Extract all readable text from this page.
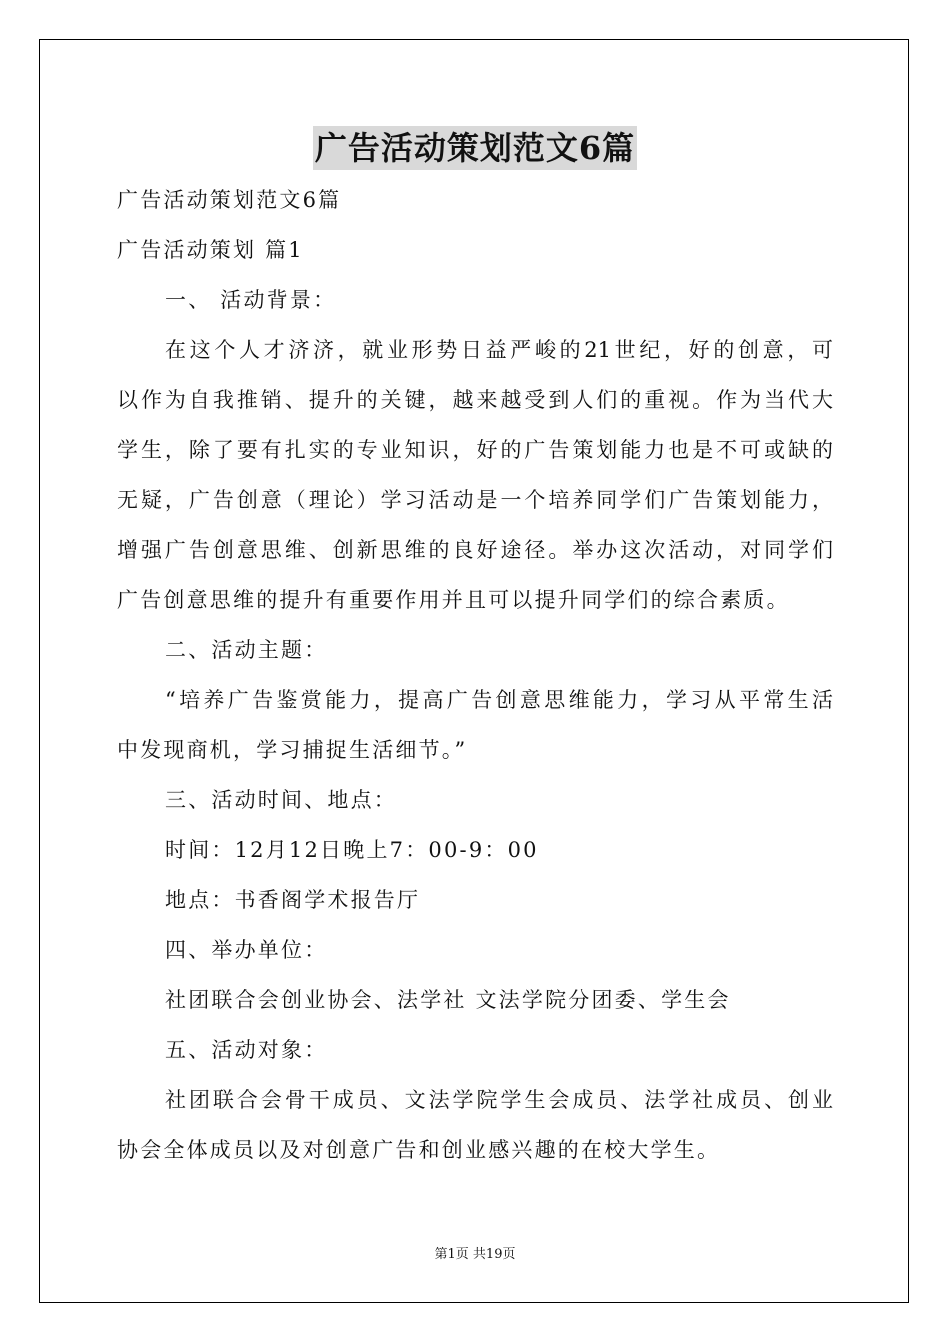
广告活动策划范文6篇
广告活动策划范文6篇
广告活动策划 篇1
一、 活动背景：
在这个人才济济，就业形势日益严峻的21世纪，好的创意，可
以作为自我推销、提升的关键，越来越受到人们的重视。作为当代大
学生，除了要有扎实的专业知识，好的广告策划能力也是不可或缺的
无疑，广告创意（理论）学习活动是一个培养同学们广告策划能力，
增强广告创意思维、创新思维的良好途径。举办这次活动，对同学们
广告创意思维的提升有重要作用并且可以提升同学们的综合素质。
二、活动主题：
“培养广告鉴赏能力，提高广告创意思维能力，学习从平常生活
中发现商机，学习捕捉生活细节。”
三、活动时间、地点：
时间：12月12日晚上7：00-9：00
地点：书香阁学术报告厅
四、举办单位：
社团联合会创业协会、法学社 文法学院分团委、学生会
五、活动对象：
社团联合会骨干成员、文法学院学生会成员、法学社成员、创业
协会全体成员以及对创意广告和创业感兴趣的在校大学生。
第1页 共19页
